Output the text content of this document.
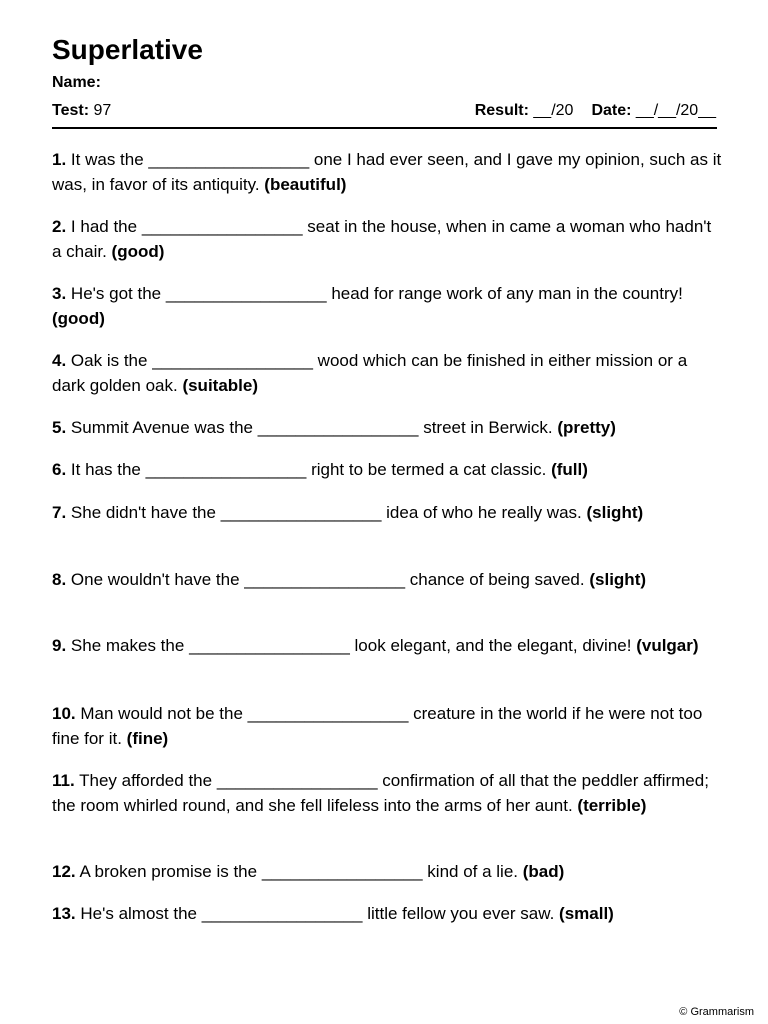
Superlative
Name:
Test: 97	Result: __/20 Date: __/__/20__
1. It was the _________________ one I had ever seen, and I gave my opinion, such as it was, in favor of its antiquity. (beautiful)
2. I had the _________________ seat in the house, when in came a woman who hadn't a chair. (good)
3. He's got the _________________ head for range work of any man in the country! (good)
4. Oak is the _________________ wood which can be finished in either mission or a dark golden oak. (suitable)
5. Summit Avenue was the _________________ street in Berwick. (pretty)
6. It has the _________________ right to be termed a cat classic. (full)
7. She didn't have the _________________ idea of who he really was. (slight)
8. One wouldn't have the _________________ chance of being saved. (slight)
9. She makes the _________________ look elegant, and the elegant, divine! (vulgar)
10. Man would not be the _________________ creature in the world if he were not too fine for it. (fine)
11. They afforded the _________________ confirmation of all that the peddler affirmed; the room whirled round, and she fell lifeless into the arms of her aunt. (terrible)
12. A broken promise is the _________________ kind of a lie. (bad)
13. He's almost the _________________ little fellow you ever saw. (small)
© Grammarism
